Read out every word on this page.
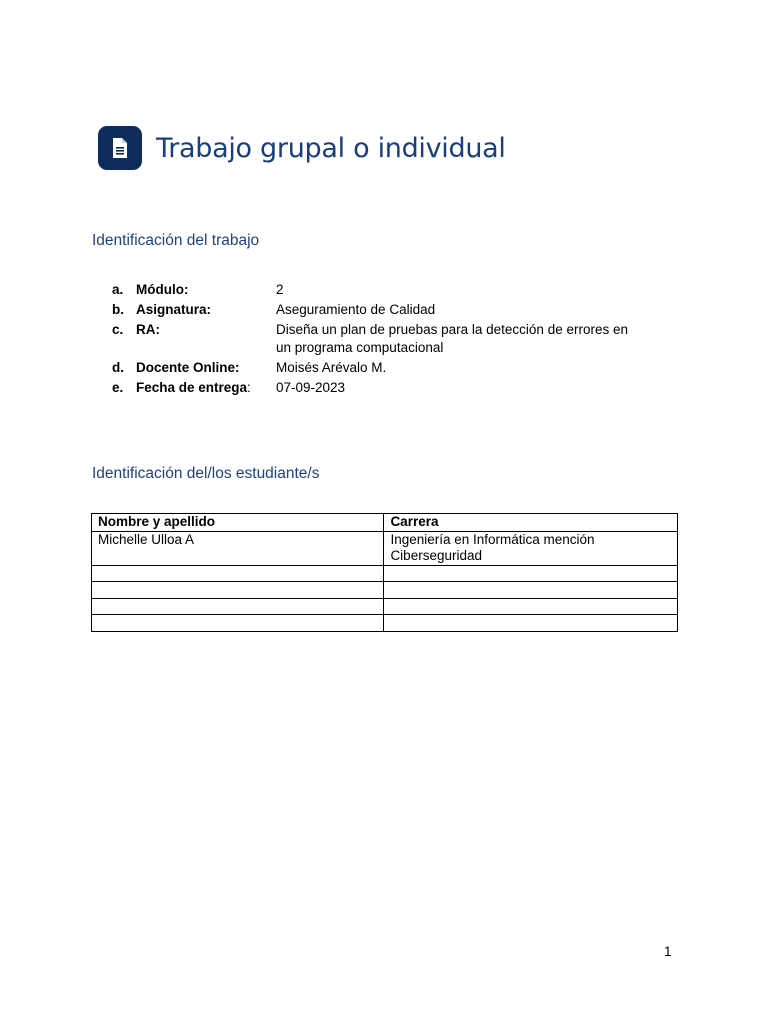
Trabajo grupal o individual
Identificación del trabajo
a. Módulo:	2
b. Asignatura:	Aseguramiento de Calidad
c. RA:	Diseña un plan de pruebas para la detección de errores en un programa computacional
d. Docente Online:	Moisés Arévalo M.
e. Fecha de entrega:	07-09-2023
Identificación del/los estudiante/s
Nombre y apellido	Carrera
Michelle Ulloa A	Ingeniería en Informática mención Ciberseguridad

1
